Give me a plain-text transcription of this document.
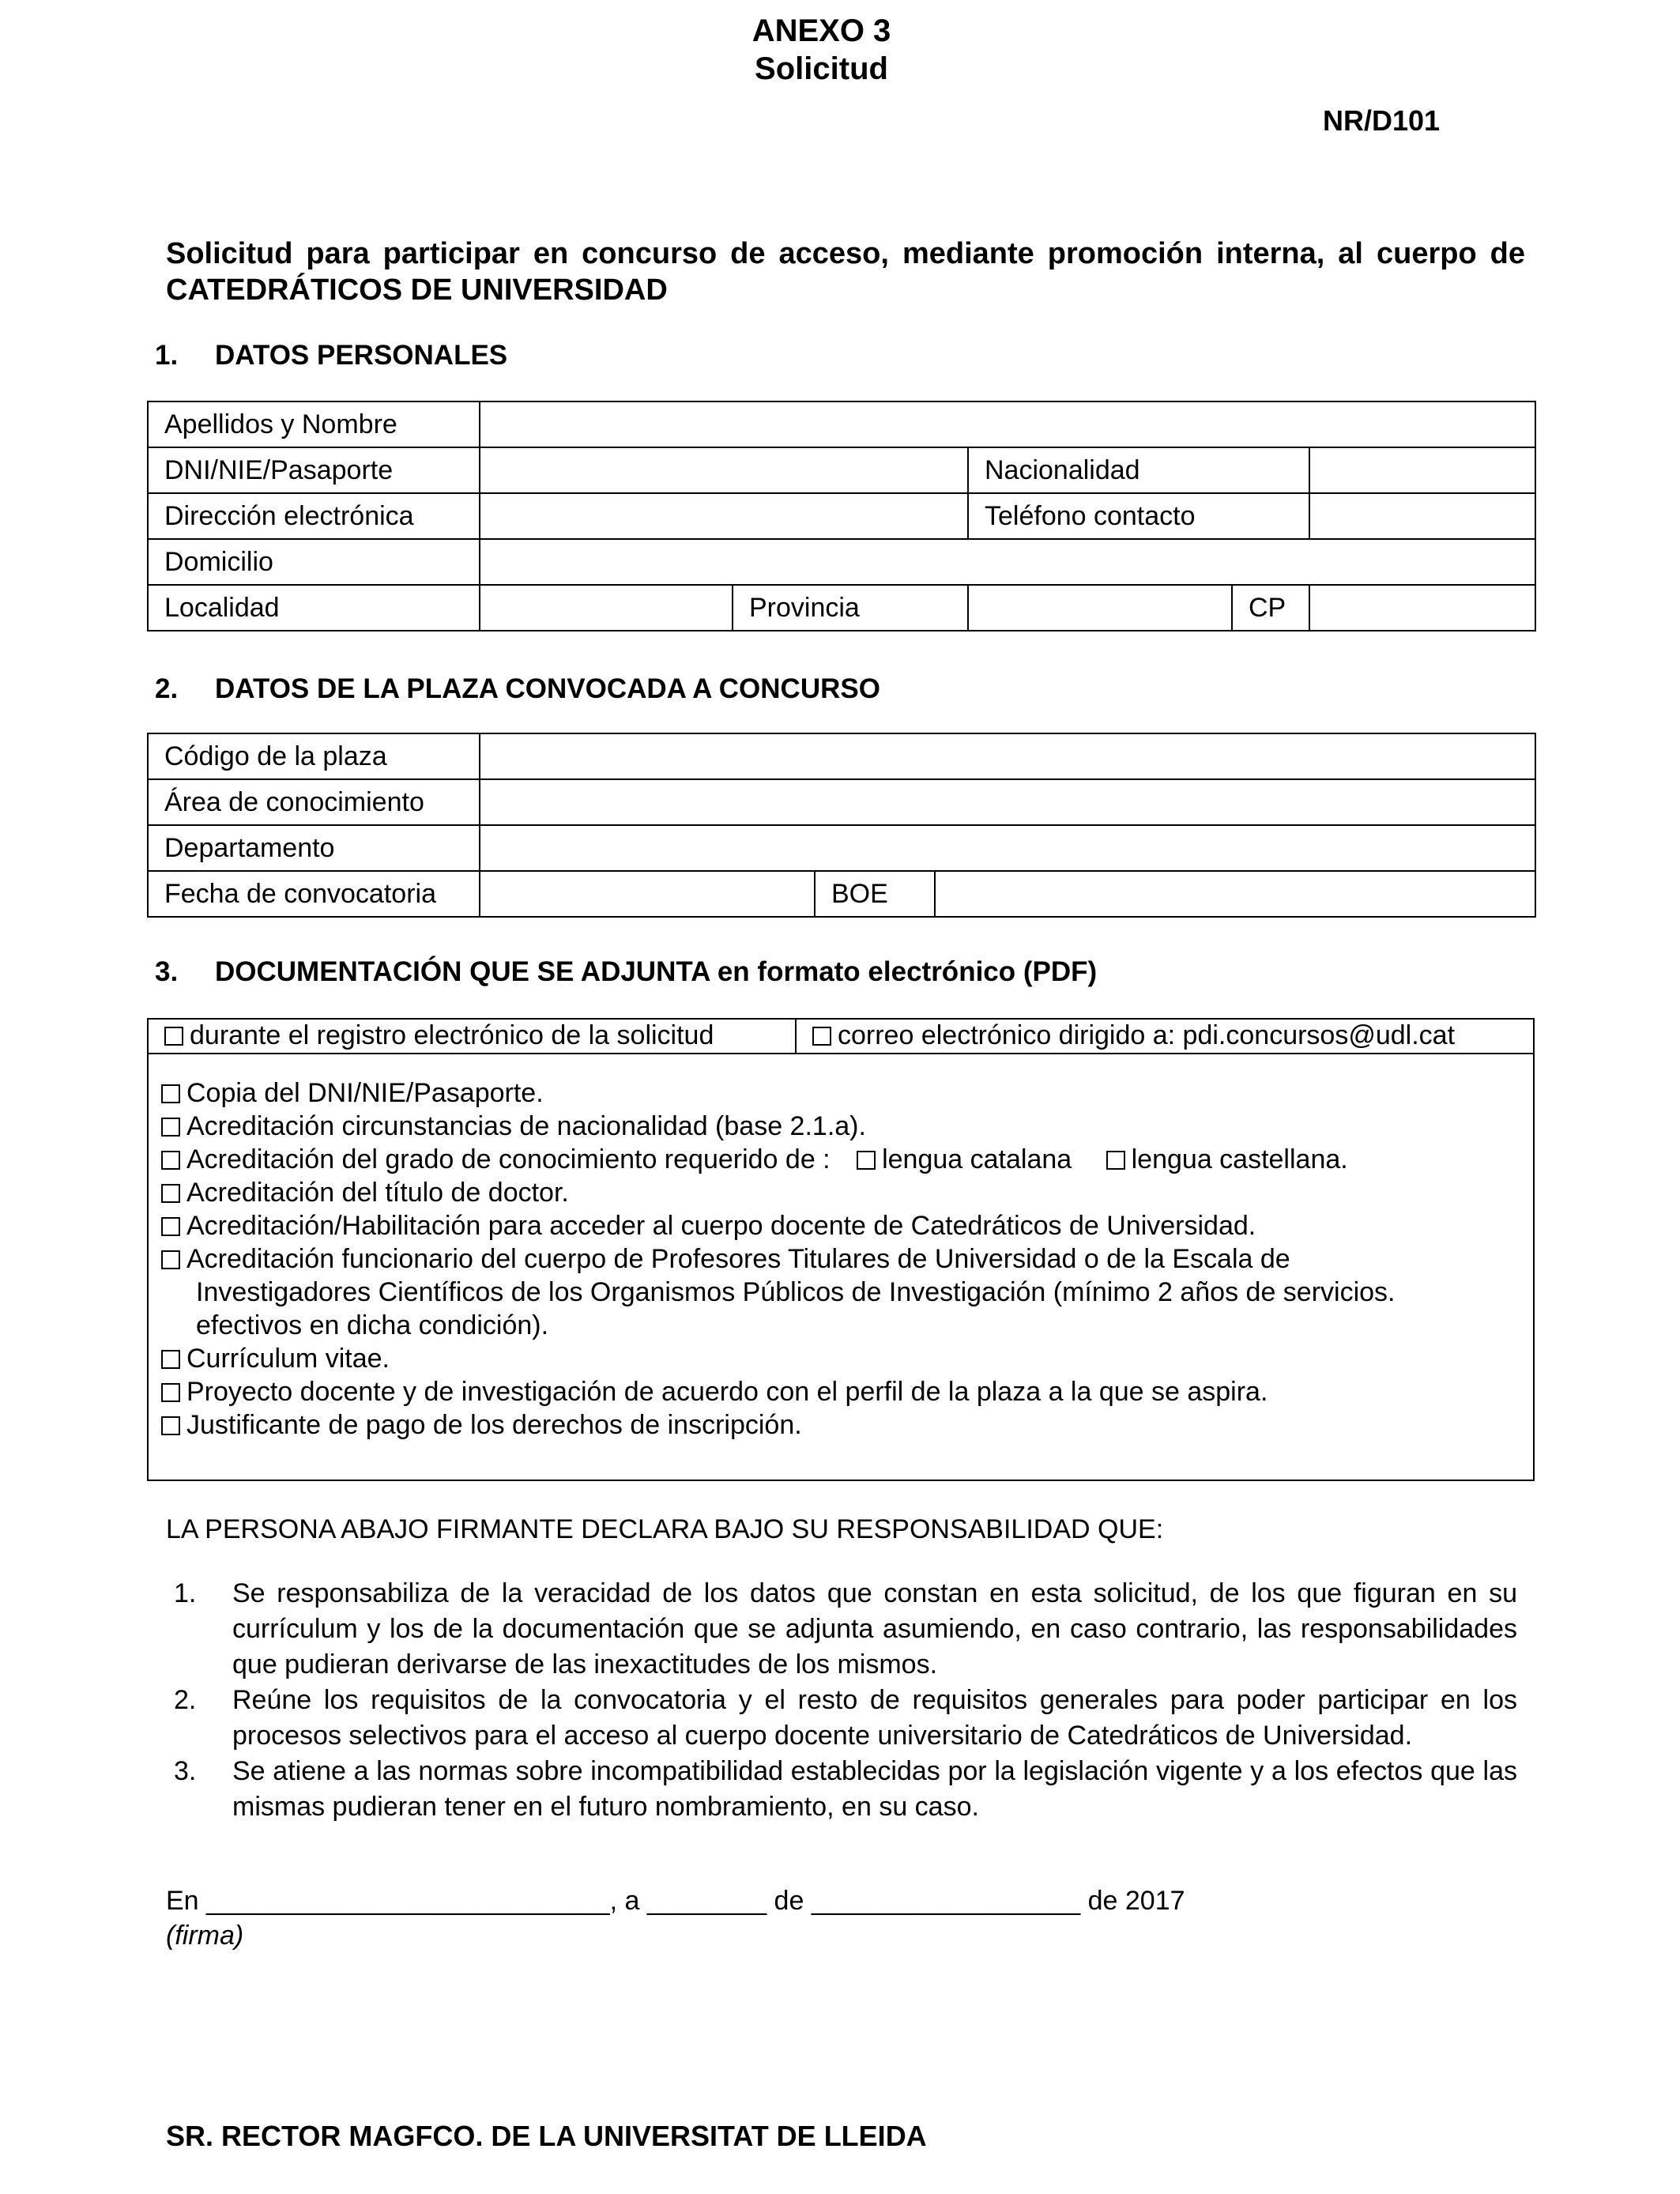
ANEXO 3
Solicitud
NR/D101
Solicitud para participar en concurso de acceso, mediante promoción interna, al cuerpo de CATEDRÁTICOS DE UNIVERSIDAD
1. DATOS PERSONALES
Apellidos y Nombre					
DNI/NIE/Pasaporte			Nacionalidad		
Dirección electrónica			Teléfono contacto		
Domicilio					
Localidad		Provincia		CP	
2. DATOS DE LA PLAZA CONVOCADA A CONCURSO
Código de la plaza			
Área de conocimiento			
Departamento			
Fecha de convocatoria		BOE	
3. DOCUMENTACIÓN QUE SE ADJUNTA en formato electrónico (PDF)
durante el registro electrónico de la solicitud	correo electrónico dirigido a: pdi.concursos@udl.cat
Copia del DNI/NIE/Pasaporte.
Acreditación circunstancias de nacionalidad (base 2.1.a).
Acreditación del grado de conocimiento requerido de : lengua catalana lengua castellana.
Acreditación del título de doctor.
Acreditación/Habilitación para acceder al cuerpo docente de Catedráticos de Universidad.
Acreditación funcionario del cuerpo de Profesores Titulares de Universidad o de la Escala de
Investigadores Científicos de los Organismos Públicos de Investigación (mínimo 2 años de servicios.
efectivos en dicha condición).
Currículum vitae.
Proyecto docente y de investigación de acuerdo con el perfil de la plaza a la que se aspira.
Justificante de pago de los derechos de inscripción.
LA PERSONA ABAJO FIRMANTE DECLARA BAJO SU RESPONSABILIDAD QUE:
1. Se responsabiliza de la veracidad de los datos que constan en esta solicitud, de los que figuran en su currículum y los de la documentación que se adjunta asumiendo, en caso contrario, las responsabilidades que pudieran derivarse de las inexactitudes de los mismos.
2. Reúne los requisitos de la convocatoria y el resto de requisitos generales para poder participar en los procesos selectivos para el acceso al cuerpo docente universitario de Catedráticos de Universidad.
3. Se atiene a las normas sobre incompatibilidad establecidas por la legislación vigente y a los efectos que las mismas pudieran tener en el futuro nombramiento, en su caso.
En ___________________________, a ________ de __________________ de 2017
(firma)
SR. RECTOR MAGFCO. DE LA UNIVERSITAT DE LLEIDA
